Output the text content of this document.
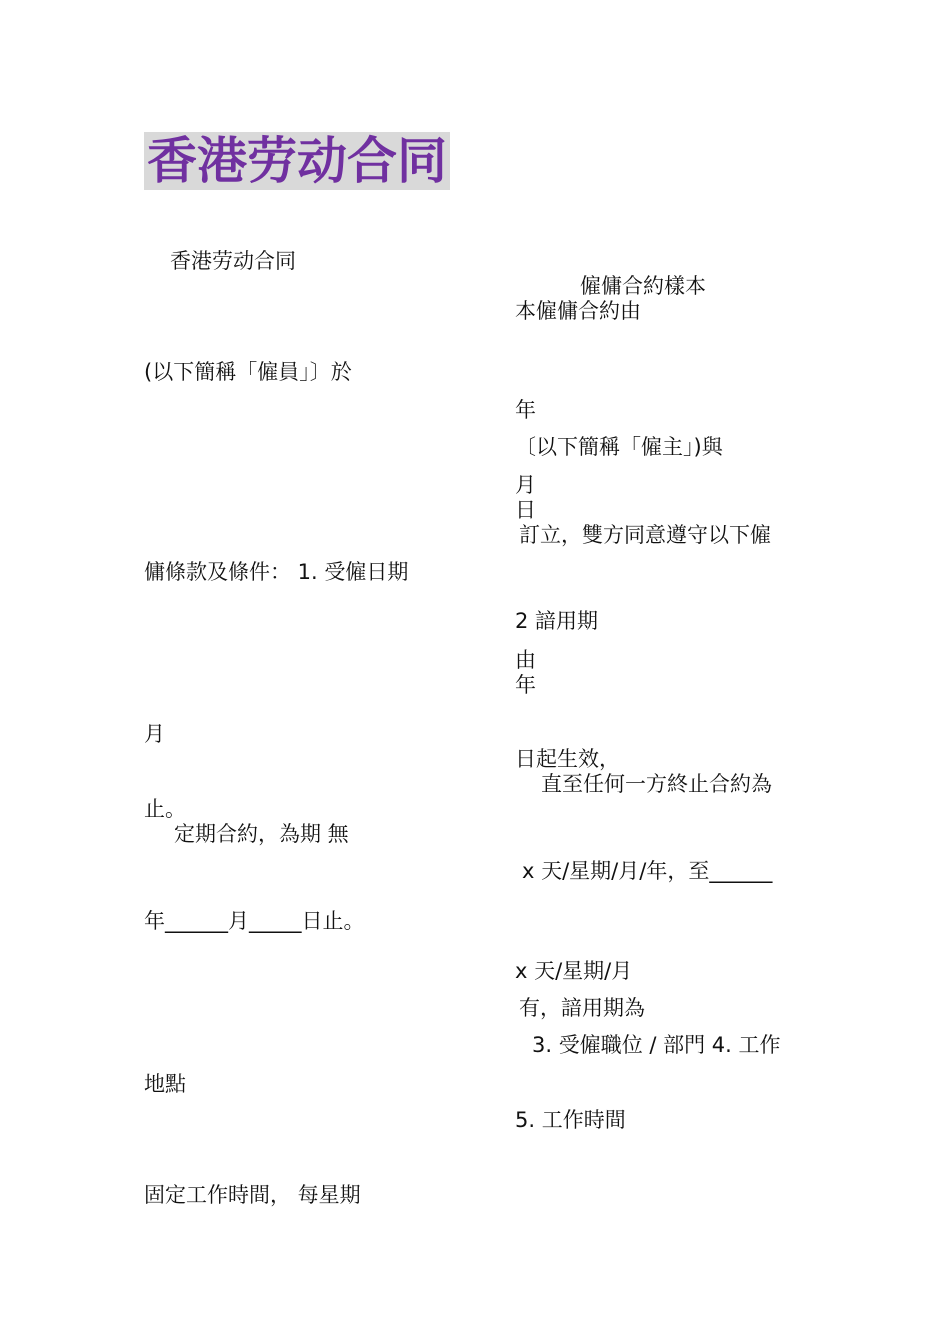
香港劳动合同
香港劳动合同
僱傭合約樣本
本僱傭合約由
(以下簡稱「僱員」〕於
年
〔以下簡稱「僱主」)與
月
日
訂立，雙方同意遵守以下僱
傭條款及條件： 1. 受僱日期
2 諳用期
由
年
月
日起生效，
直至任何一方終止合約為
止。
定期合約，為期 無
x 天/星期/月/年，至______
年______月_____日止。
x 天/星期/月
有，諳用期為
3. 受僱職位 / 部門 4. 工作
地點
5. 工作時間
固定工作時間， 每星期
